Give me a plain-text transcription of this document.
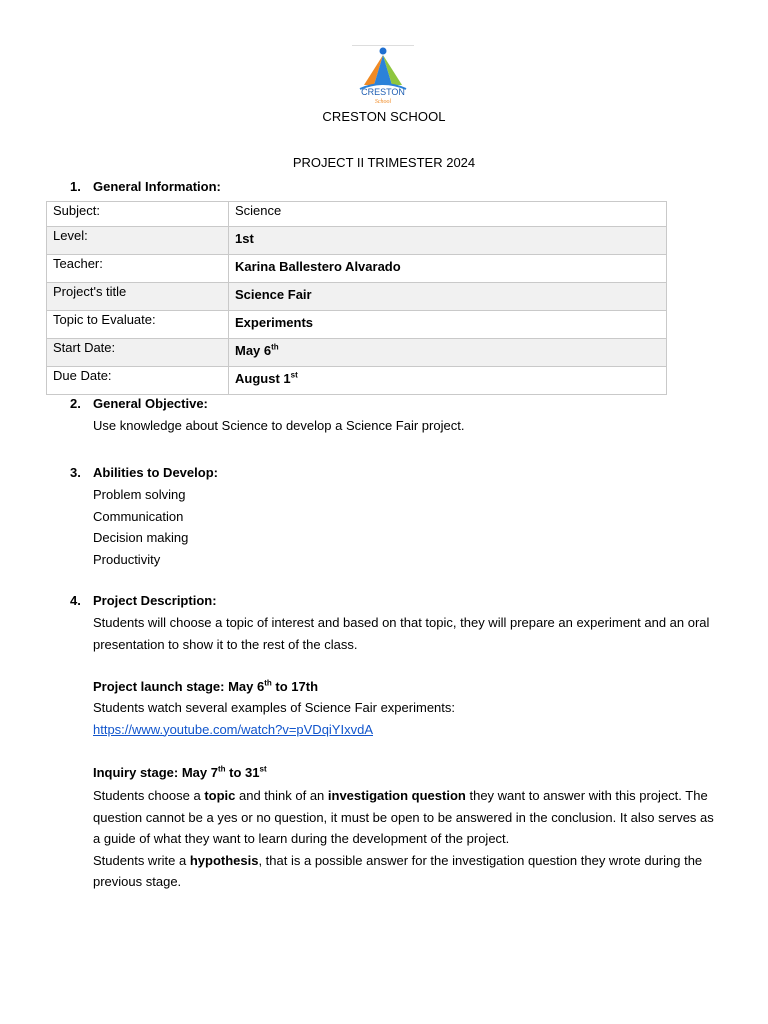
CRESTON
School
CRESTON SCHOOL
PROJECT II TRIMESTER 2024
1. General Information:
Subject:	Science
Level:	1st
Teacher:	Karina Ballestero Alvarado
Project's title	Science Fair
Topic to Evaluate:	Experiments
Start Date:	May 6th
Due Date:	August 1st
2. General Objective:
Use knowledge about Science to develop a Science Fair project.
3. Abilities to Develop:
Problem solving
Communication
Decision making
Productivity
4. Project Description:
Students will choose a topic of interest and based on that topic, they will prepare an experiment and an oral presentation to show it to the rest of the class.
Project launch stage: May 6th to 17th
Students watch several examples of Science Fair experiments:
https://www.youtube.com/watch?v=pVDqiYIxvdA
Inquiry stage: May 7th to 31st
Students choose a topic and think of an investigation question they want to answer with this project. The question cannot be a yes or no question, it must be open to be answered in the conclusion. It also serves as a guide of what they want to learn during the development of the project.
Students write a hypothesis, that is a possible answer for the investigation question they wrote during the previous stage.
